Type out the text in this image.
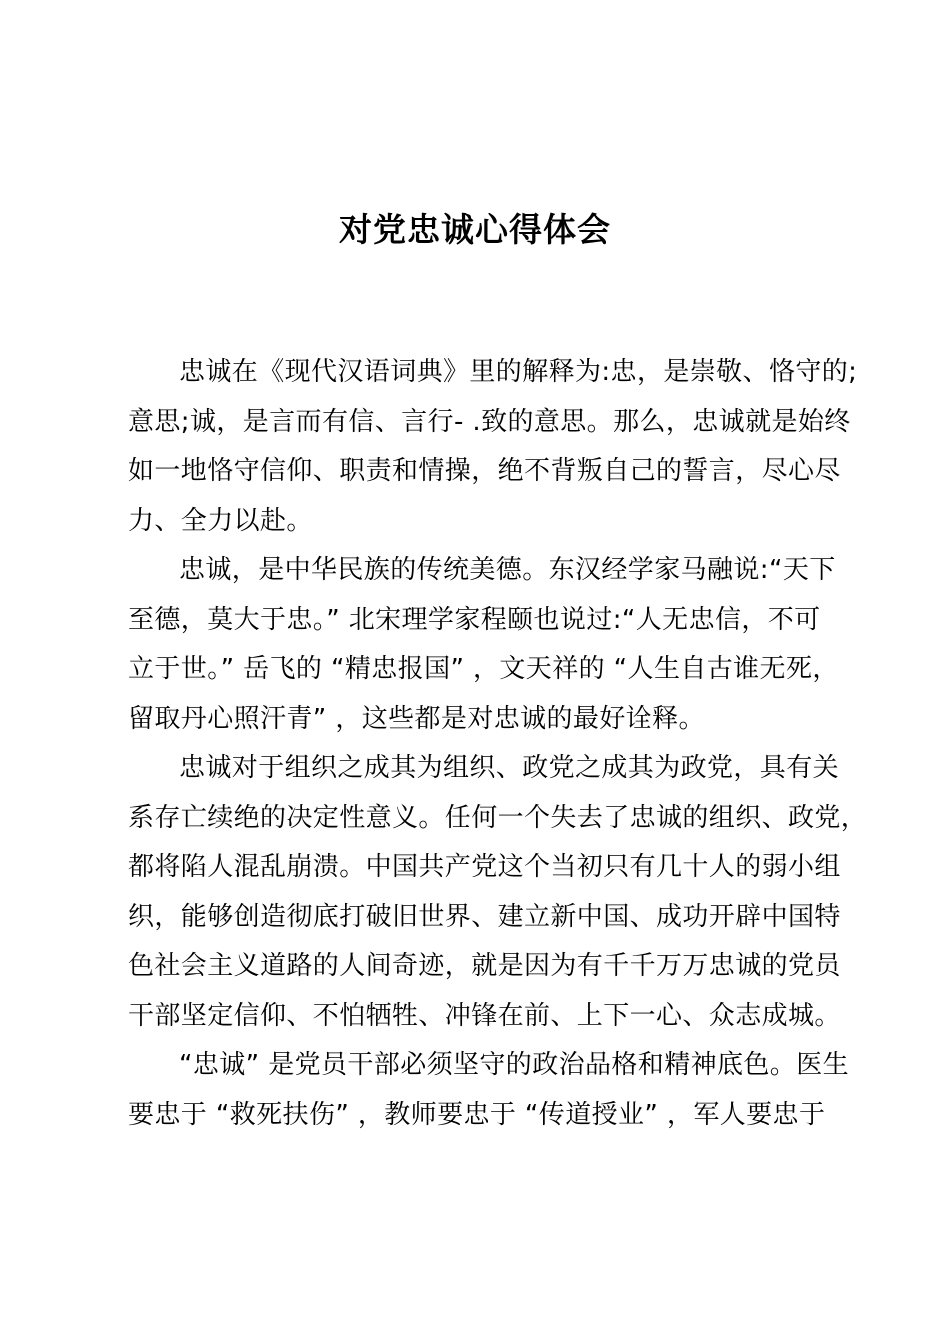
对党忠诚心得体会

忠诚在《现代汉语词典》里的解释为:忠，是崇敬、恪守的;

意思;诚，是言而有信、言行- .致的意思。那么，忠诚就是始终

如一地恪守信仰、职责和情操，绝不背叛自己的誓言，尽心尽

力、全力以赴。

忠诚，是中华民族的传统美德。东汉经学家马融说:“天下

至德，莫大于忠。” 北宋理学家程颐也说过:“人无忠信，不可

立于世。” 岳飞的 “精忠报国” ，文天祥的 “人生自古谁无死，

留取丹心照汗青” ，这些都是对忠诚的最好诠释。

忠诚对于组织之成其为组织、政党之成其为政党，具有关

系存亡续绝的决定性意义。任何一个失去了忠诚的组织、政党，

都将陷人混乱崩溃。中国共产党这个当初只有几十人的弱小组

织，能够创造彻底打破旧世界、建立新中国、成功开辟中国特

色社会主义道路的人间奇迹，就是因为有千千万万忠诚的党员

干部坚定信仰、不怕牺牲、冲锋在前、上下一心、众志成城。

“忠诚” 是党员干部必须坚守的政治品格和精神底色。医生

要忠于 “救死扶伤” ，教师要忠于 “传道授业” ，军人要忠于
